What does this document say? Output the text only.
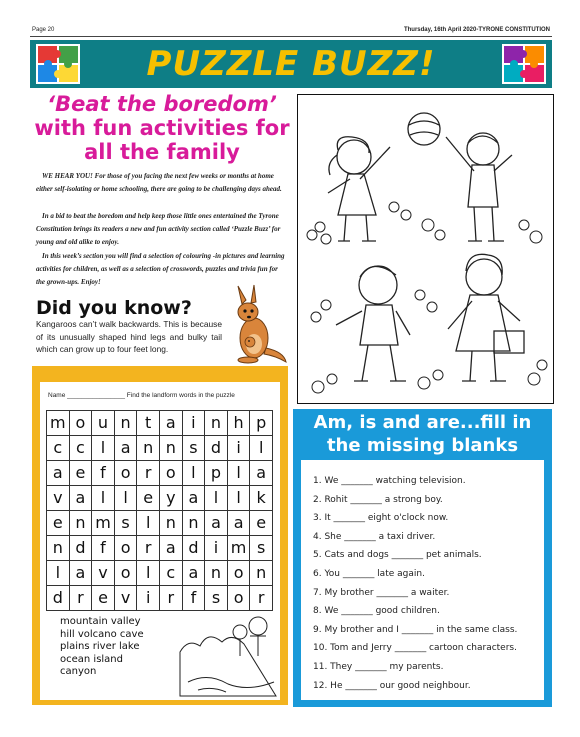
Page 20	Thursday, 16th April 2020-TYRONE CONSTITUTION
PUZZLE BUZZ!
‘Beat the boredom’
with fun activities for
all the family
WE HEAR YOU! For those of you facing the next few weeks or months at home either self-isolating or home schooling, there are going to be challenging days ahead.
In a bid to beat the boredom and help keep those little ones entertained the Tyrone Constitution brings its readers a new and fun activity section called ‘Puzzle Buzz’ for young and old alike to enjoy.
In this week’s section you will find a selection of colouring -in pictures and learning activities for children, as well as a selection of crosswords, puzzles and trivia fun for the grown-ups. Enjoy!
Did you know?
Kangaroos can’t walk backwards. This is because of its unusually shaped hind legs and bulky tail which can grow up to four feet long.
Name ________________ Find the landform words in the puzzle
m o u n t a i n h p
c c l a n n s d i	l
a e f o r o l p l a
v a l	l e y a l	l k
e n m s	l n n a a e
n d f o r a d i m s
l a v o l c a n o n
d r e v i	r	f s o r
mountain valley
hill volcano cave
plains river lake
ocean island
canyon
Am, is and are...fill in
the missing blanks
1. We _______ watching television.
2. Rohit _______ a strong boy.
3. It _______ eight o'clock now.
4. She _______ a taxi driver.
5. Cats and dogs _______ pet animals.
6. You _______ late again.
7. My brother _______ a waiter.
8. We _______ good children.
9. My brother and I _______ in the same class.
10. Tom and Jerry _______ cartoon characters.
11. They _______ my parents.
12. He _______ our good neighbour.
